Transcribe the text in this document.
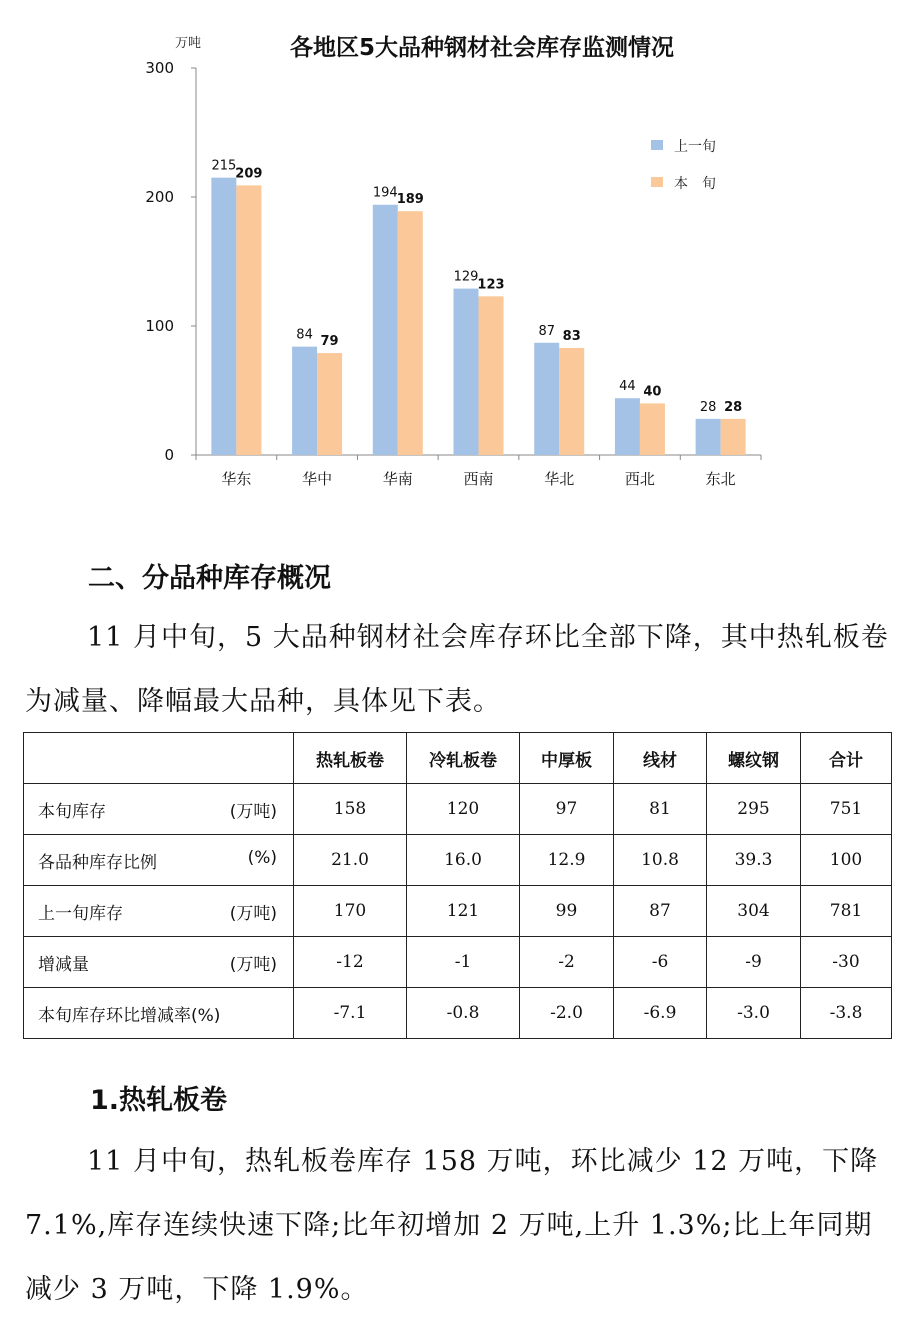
各地区5大品种钢材社会库存监测情况
万吨
0
100
200
300
华东	华中	华南	西南	华北	西北	东北
215
209
84 79
194 189
129
123
87 83
44 40
28 28
上一旬
本　旬
二、分品种库存概况

11 月中旬，5 大品种钢材社会库存环比全部下降，其中热轧板卷为减量、降幅最大品种，具体见下表。

	热轧板卷	冷轧板卷	中厚板	线材	螺纹钢	合计
本旬库存 (万吨)	158	120	97	81	295	751
各品种库存比例 (%)	21.0	16.0	12.9	10.8	39.3	100
上一旬库存 (万吨)	170	121	99	87	304	781
增减量 (万吨)	-12	-1	-2	-6	-9	-30
本旬库存环比增减率(%)	-7.1	-0.8	-2.0	-6.9	-3.0	-3.8
1.热轧板卷

11 月中旬，热轧板卷库存 158 万吨，环比减少 12 万吨，下降 7.1%,库存连续快速下降;比年初增加 2 万吨,上升 1.3%;比上年同期减少 3 万吨，下降 1.9%。
